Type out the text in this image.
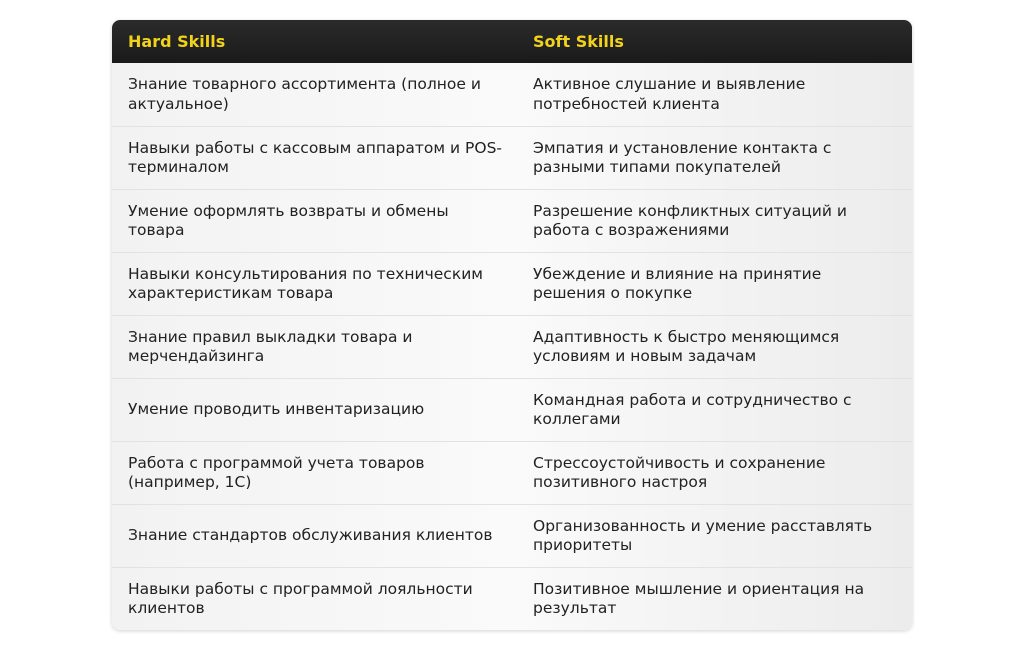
Hard Skills	Soft Skills
Знание товарного ассортимента (полное и актуальное)
Активное слушание и выявление потребностей клиента
Навыки работы с кассовым аппаратом и POS-терминалом
Эмпатия и установление контакта с разными типами покупателей
Умение оформлять возвраты и обмены товара
Разрешение конфликтных ситуаций и работа с возражениями
Навыки консультирования по техническим характеристикам товара
Убеждение и влияние на принятие решения о покупке
Знание правил выкладки товара и мерчендайзинга
Адаптивность к быстро меняющимся условиям и новым задачам
Умение проводить инвентаризацию
Командная работа и сотрудничество с коллегами
Работа с программой учета товаров (например, 1С)
Стрессоустойчивость и сохранение позитивного настроя
Знание стандартов обслуживания клиентов
Организованность и умение расставлять приоритеты
Навыки работы с программой лояльности клиентов
Позитивное мышление и ориентация на результат
